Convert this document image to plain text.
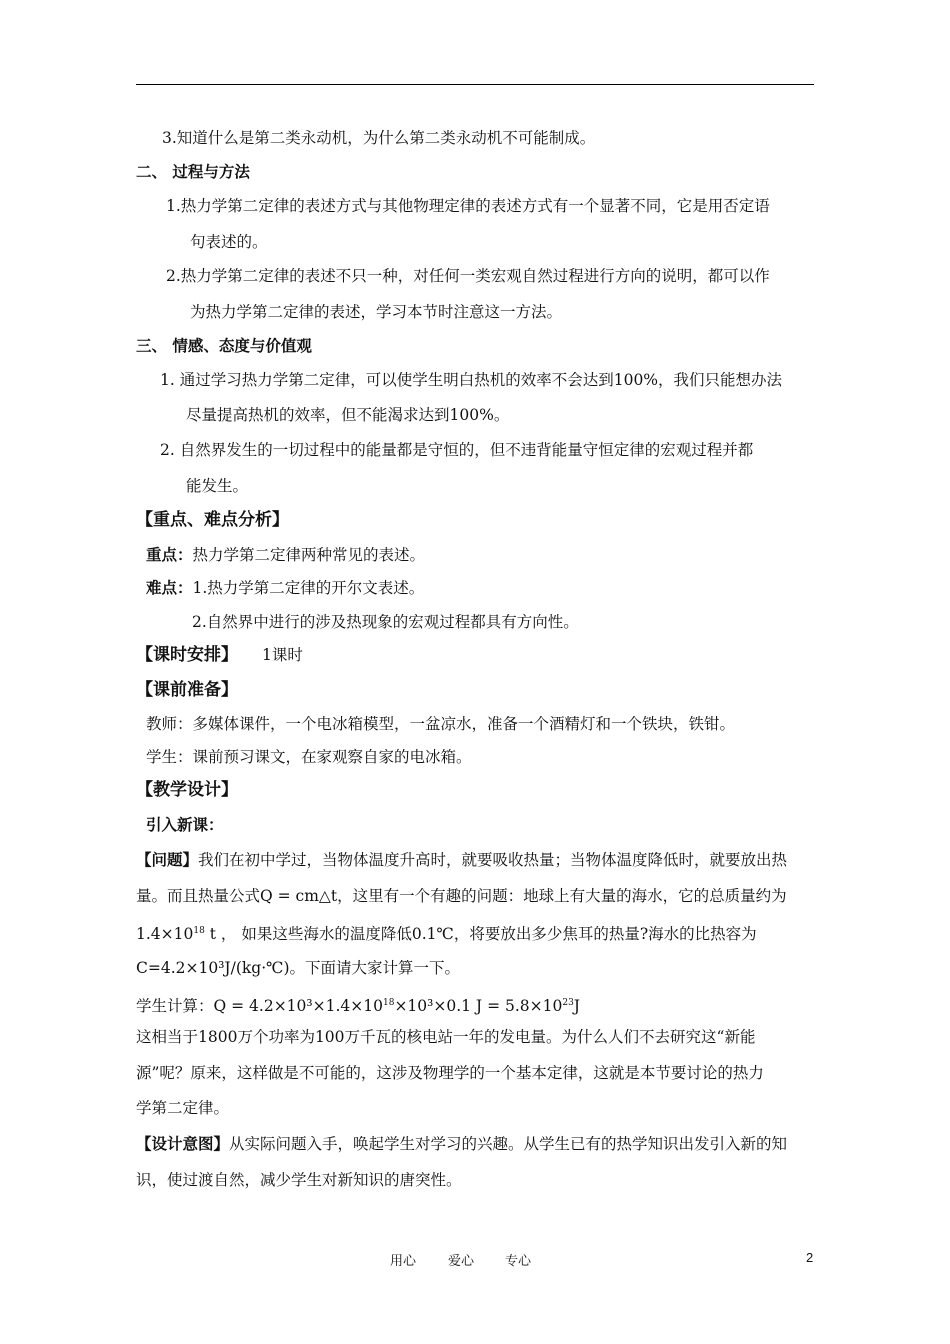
3.知道什么是第二类永动机，为什么第二类永动机不可能制成。
二、 过程与方法
1.热力学第二定律的表述方式与其他物理定律的表述方式有一个显著不同，它是用否定语
句表述的。
2.热力学第二定律的表述不只一种，对任何一类宏观自然过程进行方向的说明，都可以作
为热力学第二定律的表述，学习本节时注意这一方法。
三、 情感、态度与价值观
1. 通过学习热力学第二定律，可以使学生明白热机的效率不会达到100%，我们只能想办法
尽量提高热机的效率，但不能渴求达到100%。
2. 自然界发生的一切过程中的能量都是守恒的，但不违背能量守恒定律的宏观过程并都
能发生。
【重点、难点分析】
重点：热力学第二定律两种常见的表述。
难点：1.热力学第二定律的开尔文表述。
2.自然界中进行的涉及热现象的宏观过程都具有方向性。
【课时安排】 1课时
【课前准备】
教师：多媒体课件，一个电冰箱模型，一盆凉水，准备一个酒精灯和一个铁块，铁钳。
学生：课前预习课文，在家观察自家的电冰箱。
【教学设计】
引入新课：
【问题】我们在初中学过，当物体温度升高时，就要吸收热量；当物体温度降低时，就要放出热
量。而且热量公式Q = cm△t，这里有一个有趣的问题：地球上有大量的海水，它的总质量约为
$1.4\times 10^{18}$ t ， 如果这些海水的温度降低0.1℃，将要放出多少焦耳的热量?海水的比热容为
C=4.2×10³J/(kg·℃)。下面请大家计算一下。
学生计算：$Q = 4.2\times 10^3\times 1.4\times 10^{18}\times 10^3\times 0.1$ $J = 5.8\times 10^{23}J$
这相当于1800万个功率为100万千瓦的核电站一年的发电量。为什么人们不去研究这“新能
源”呢？原来，这样做是不可能的，这涉及物理学的一个基本定律，这就是本节要讨论的热力
学第二定律。
【设计意图】从实际问题入手，唤起学生对学习的兴趣。从学生已有的热学知识出发引入新的知
识，使过渡自然，减少学生对新知识的唐突性。
用心 爱心 专心	2
